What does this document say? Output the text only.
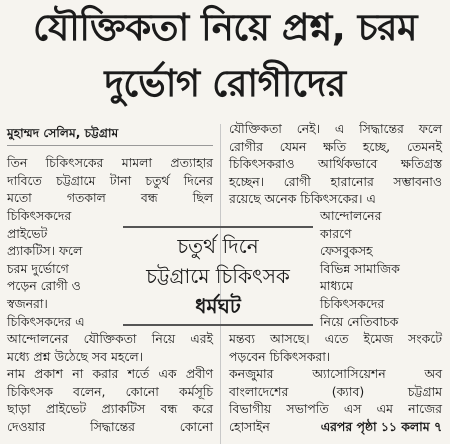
যৌক্তিকতা নিয়ে প্রশ্ন, চরম
দুর্ভোগ রোগীদের
মুহাম্মদ সেলিম, চট্টগ্রাম
তিন চিকিৎসকের মামলা প্রত্যাহার
দাবিতে চট্টগ্রামে টানা চতুর্থ দিনের
মতো গতকাল বন্ধ ছিল
চিকিৎসকদের
প্রাইভেট
প্র্যাকটিস। ফলে
চরম দুর্ভোগে
পড়েন রোগী ও
স্বজনরা।
চিকিৎসকদের এ
আন্দোলনের যৌক্তিকতা নিয়ে এরই
মধ্যে প্রশ্ন উঠেছে সব মহলে।
নাম প্রকাশ না করার শর্তে এক প্রবীণ
চিকিৎসক বলেন, কোনো কর্মসূচি
ছাড়া প্রাইভেট প্র্যাকটিস বন্ধ করে
দেওয়ার সিদ্ধান্তের কোনো
যৌক্তিকতা নেই। এ সিদ্ধান্তের ফলে
রোগীর যেমন ক্ষতি হচ্ছে, তেমনই
চিকিৎসকরাও আর্থিকভাবে ক্ষতিগ্রস্ত
হচ্ছেন। রোগী হারানোর সম্ভাবনাও
রয়েছে অনেক চিকিৎসকের। এ
আন্দোলনের
কারণে
ফেসবুকসহ
বিভিন্ন সামাজিক
মাধ্যমে
চিকিৎসকদের
নিয়ে নেতিবাচক
মন্তব্য আসছে। এতে ইমেজ সংকটে
পড়বেন চিকিৎসকরা।
কনজুমার অ্যাসোসিয়েশন অব
বাংলাদেশের (ক্যাব) চট্টগ্রাম
বিভাগীয় সভাপতি এস এম নাজের
হোসাইন	এরপর পৃষ্ঠা ১১ কলাম ৭
চতুর্থ দিনে
চট্টগ্রামে চিকিৎসক
ধর্মঘট
